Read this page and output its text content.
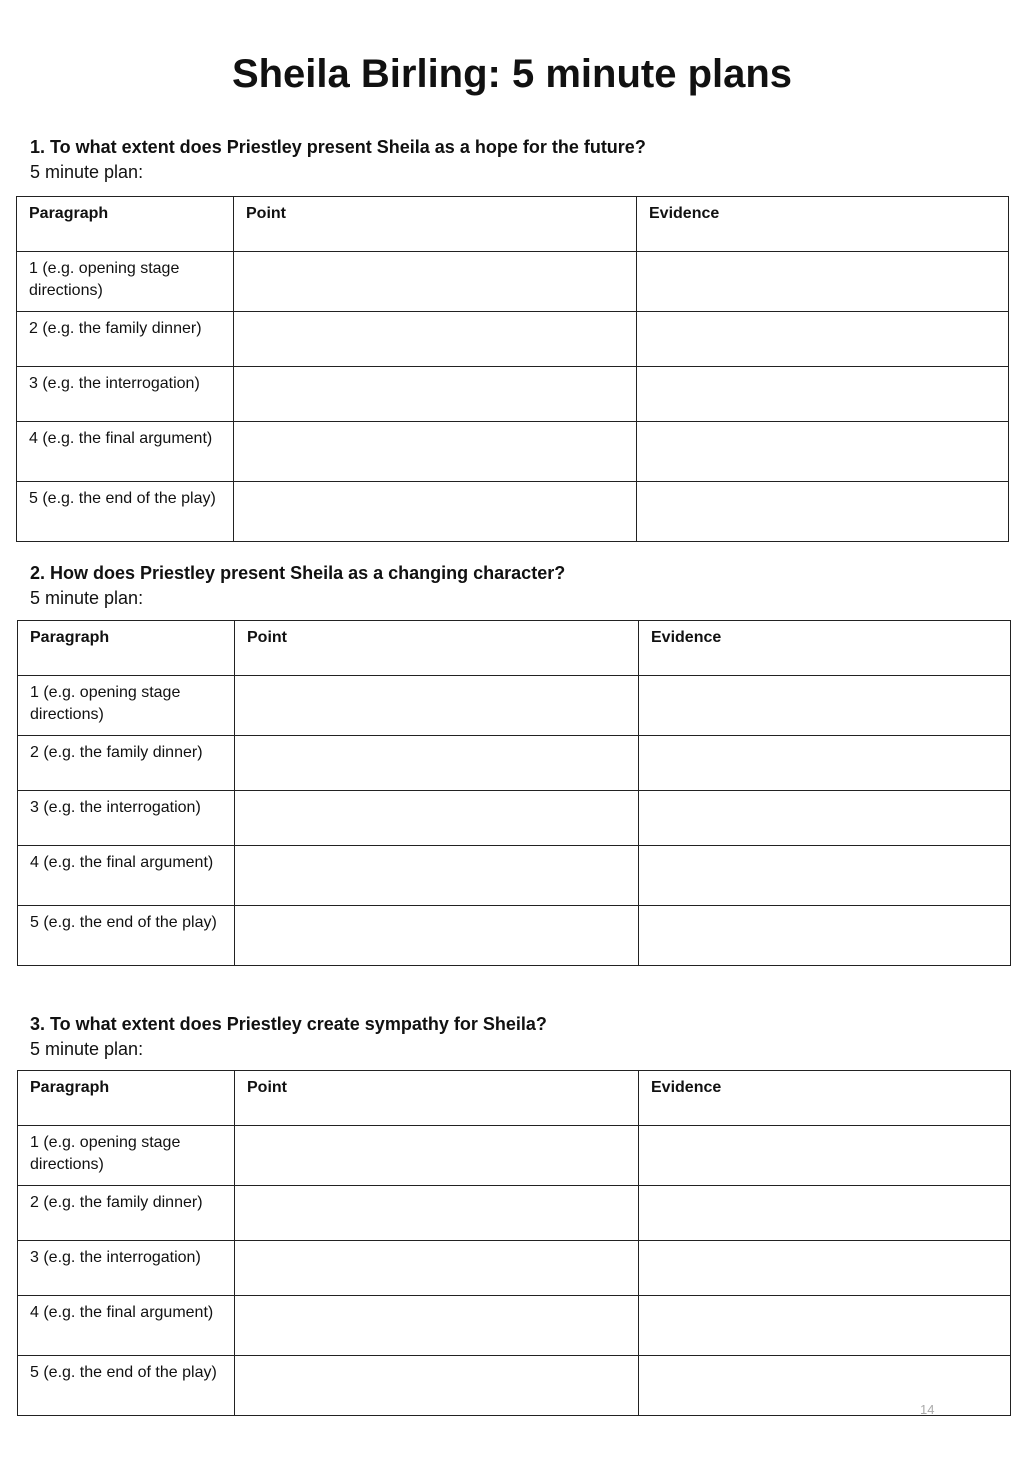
Sheila Birling: 5 minute plans
1. To what extent does Priestley present Sheila as a hope for the future?
5 minute plan:
Paragraph	Point	Evidence
1 (e.g. opening stage directions)		
2 (e.g. the family dinner)		
3 (e.g. the interrogation)		
4 (e.g. the final argument)		
5 (e.g. the end of the play)		
2. How does Priestley present Sheila as a changing character?
5 minute plan:
Paragraph	Point	Evidence
1 (e.g. opening stage directions)		
2 (e.g. the family dinner)		
3 (e.g. the interrogation)		
4 (e.g. the final argument)		
5 (e.g. the end of the play)		
3. To what extent does Priestley create sympathy for Sheila?
5 minute plan:
Paragraph	Point	Evidence
1 (e.g. opening stage directions)		
2 (e.g. the family dinner)		
3 (e.g. the interrogation)		
4 (e.g. the final argument)		
5 (e.g. the end of the play)		
14
